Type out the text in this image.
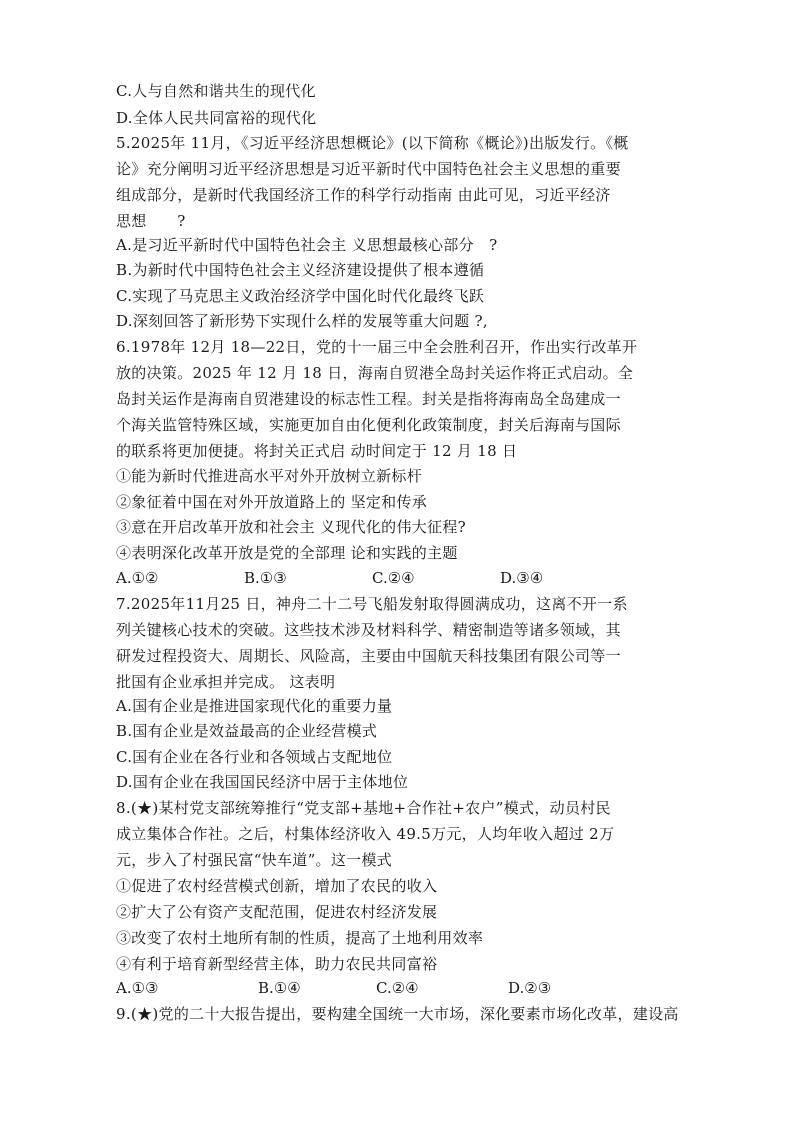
C.人与自然和谐共生的现代化
D.全体人民共同富裕的现代化
5.2025年 11月，《习近平经济思想概论》(以下简称《概论》)出版发行。《概
论》充分阐明习近平经济思想是习近平新时代中国特色社会主义思想的重要
组成部分，是新时代我国经济工作的科学行动指南 由此可见，习近平经济
思想　　?
A.是习近平新时代中国特色社会主 义思想最核心部分　?
B.为新时代中国特色社会主义经济建设提供了根本遵循
C.实现了马克思主义政治经济学中国化时代化最终飞跃
D.深刻回答了新形势下实现什么样的发展等重大问题 ?,
6.1978年 12月 18—22日，党的十一届三中全会胜利召开，作出实行改革开
放的决策。2025 年 12 月 18 日，海南自贸港全岛封关运作将正式启动。全
岛封关运作是海南自贸港建设的标志性工程。封关是指将海南岛全岛建成一
个海关监管特殊区域，实施更加自由化便利化政策制度，封关后海南与国际
的联系将更加便捷。将封关正式启 动时间定于 12 月 18 日
①能为新时代推进高水平对外开放树立新标杆
②象征着中国在对外开放道路上的 坚定和传承
③意在开启改革开放和社会主 义现代化的伟大征程?
④表明深化改革开放是党的全部理 论和实践的主题
A.①②	B.①③	C.②④	D.③④
7.2025年11月25 日，神舟二十二号飞船发射取得圆满成功，这离不开一系
列关键核心技术的突破。这些技术涉及材料科学、精密制造等诸多领域，其
研发过程投资大、周期长、风险高，主要由中国航天科技集团有限公司等一
批国有企业承担并完成。 这表明
A.国有企业是推进国家现代化的重要力量
B.国有企业是效益最高的企业经营模式
C.国有企业在各行业和各领域占支配地位
D.国有企业在我国国民经济中居于主体地位
8.(★)某村党支部统筹推行“党支部+基地+合作社+农户”模式，动员村民
成立集体合作社。之后，村集体经济收入 49.5万元，人均年收入超过 2万
元，步入了村强民富“快车道”。这一模式
①促进了农村经营模式创新，增加了农民的收入
②扩大了公有资产支配范围，促进农村经济发展
③改变了农村土地所有制的性质，提高了土地利用效率
④有利于培育新型经营主体，助力农民共同富裕
A.①③	B.①④	C.②④	D.②③
9.(★)党的二十大报告提出，要构建全国统一大市场，深化要素市场化改革，建设高
